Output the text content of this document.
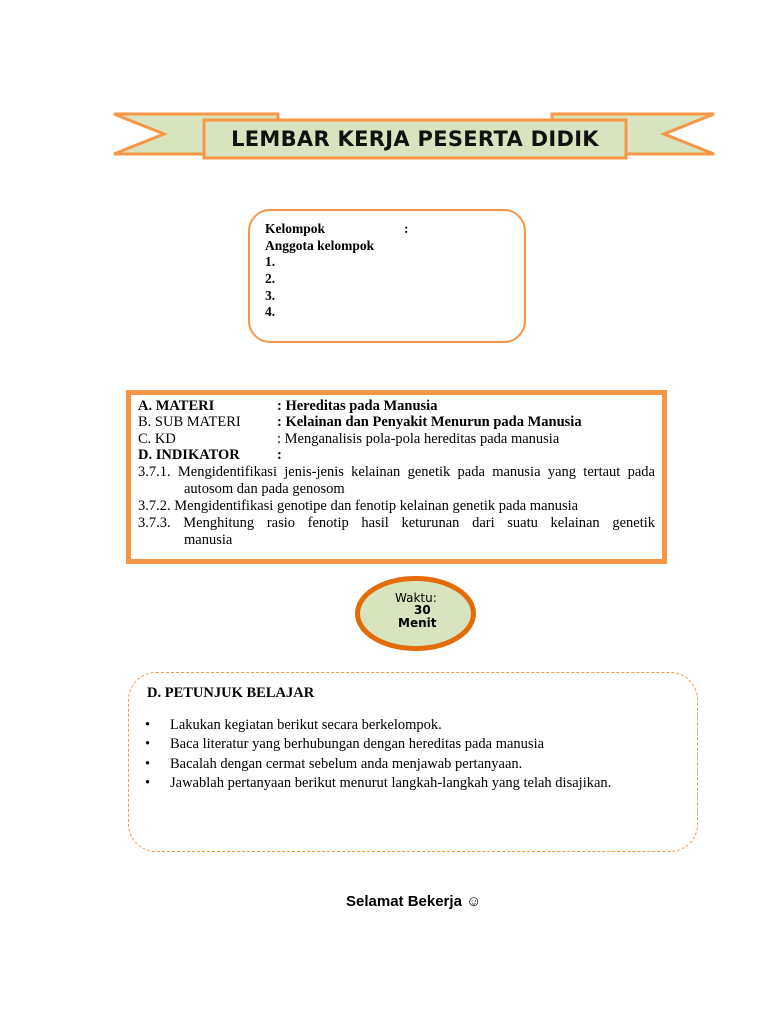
LEMBAR KERJA PESERTA DIDIK
Kelompok	:
Anggota kelompok
1.
2.
3.
4.
A. MATERI	: Hereditas pada Manusia
B. SUB MATERI	: Kelainan dan Penyakit Menurun pada Manusia
C. KD	: Menganalisis pola-pola hereditas pada manusia
D. INDIKATOR	:
3.7.1. Mengidentifikasi jenis-jenis kelainan genetik pada manusia yang tertaut pada
autosom dan pada genosom
3.7.2. Mengidentifikasi genotipe dan fenotip kelainan genetik pada manusia
3.7.3. Menghitung rasio fenotip hasil keturunan dari suatu kelainan genetik
manusia
Waktu:
30
Menit
D. PETUNJUK BELAJAR
• Lakukan kegiatan berikut secara berkelompok.
• Baca literatur yang berhubungan dengan hereditas pada manusia
• Bacalah dengan cermat sebelum anda menjawab pertanyaan.
• Jawablah pertanyaan berikut menurut langkah-langkah yang telah disajikan.
Selamat Bekerja ☺
